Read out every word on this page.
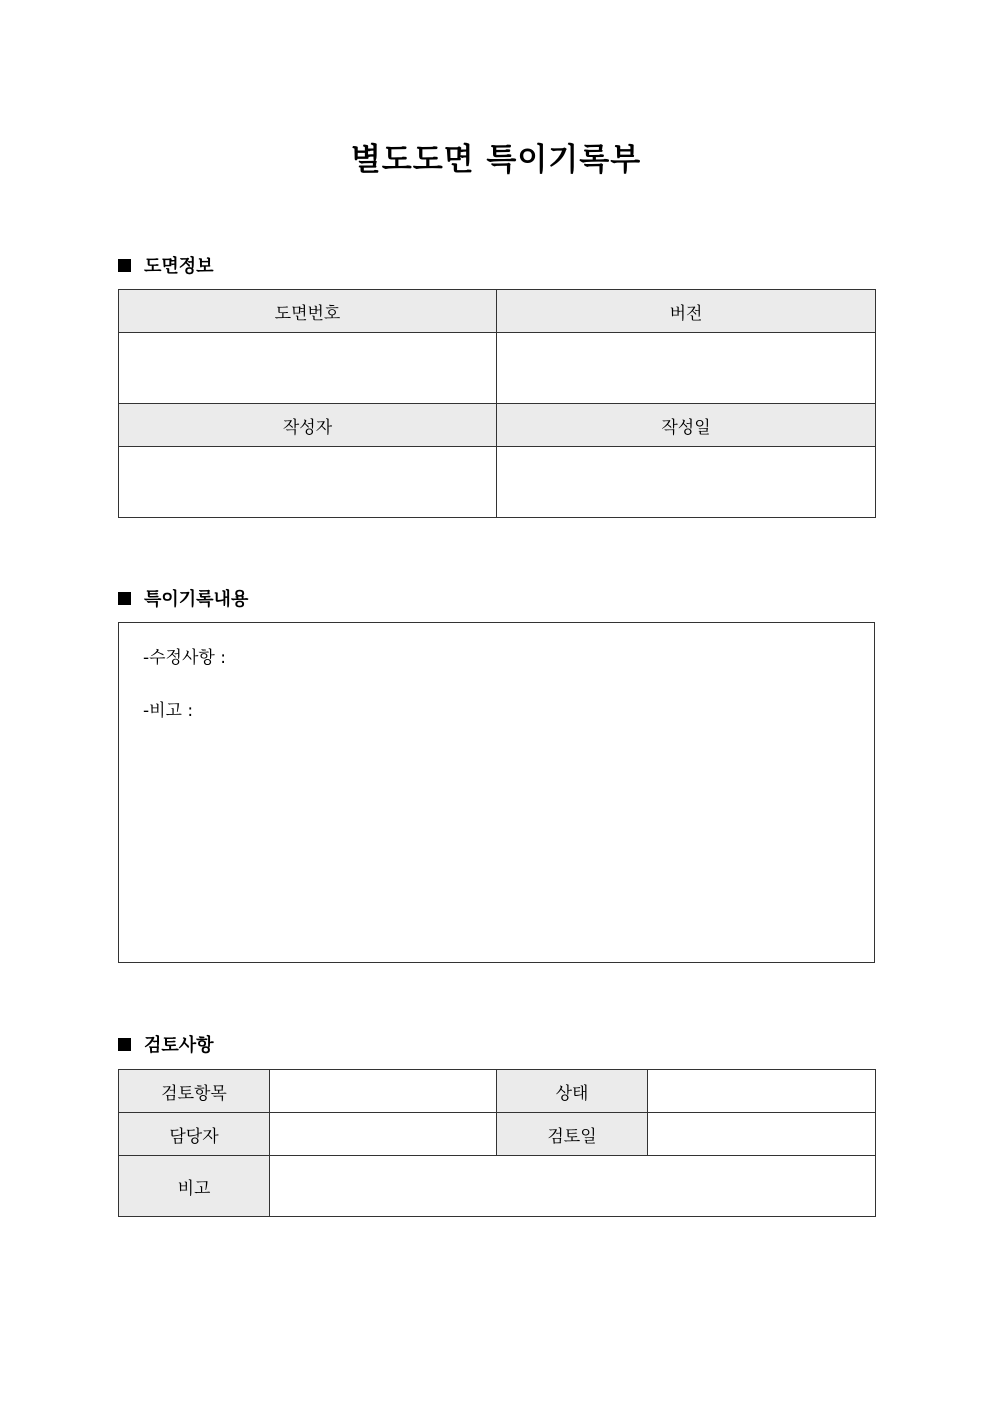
별도도면 특이기록부
도면정보
도면번호	버전

작성자	작성일

특이기록내용
-수정사항 :
-비고 :
검토사항
검토항목		상태	
담당자		검토일	
비고			
